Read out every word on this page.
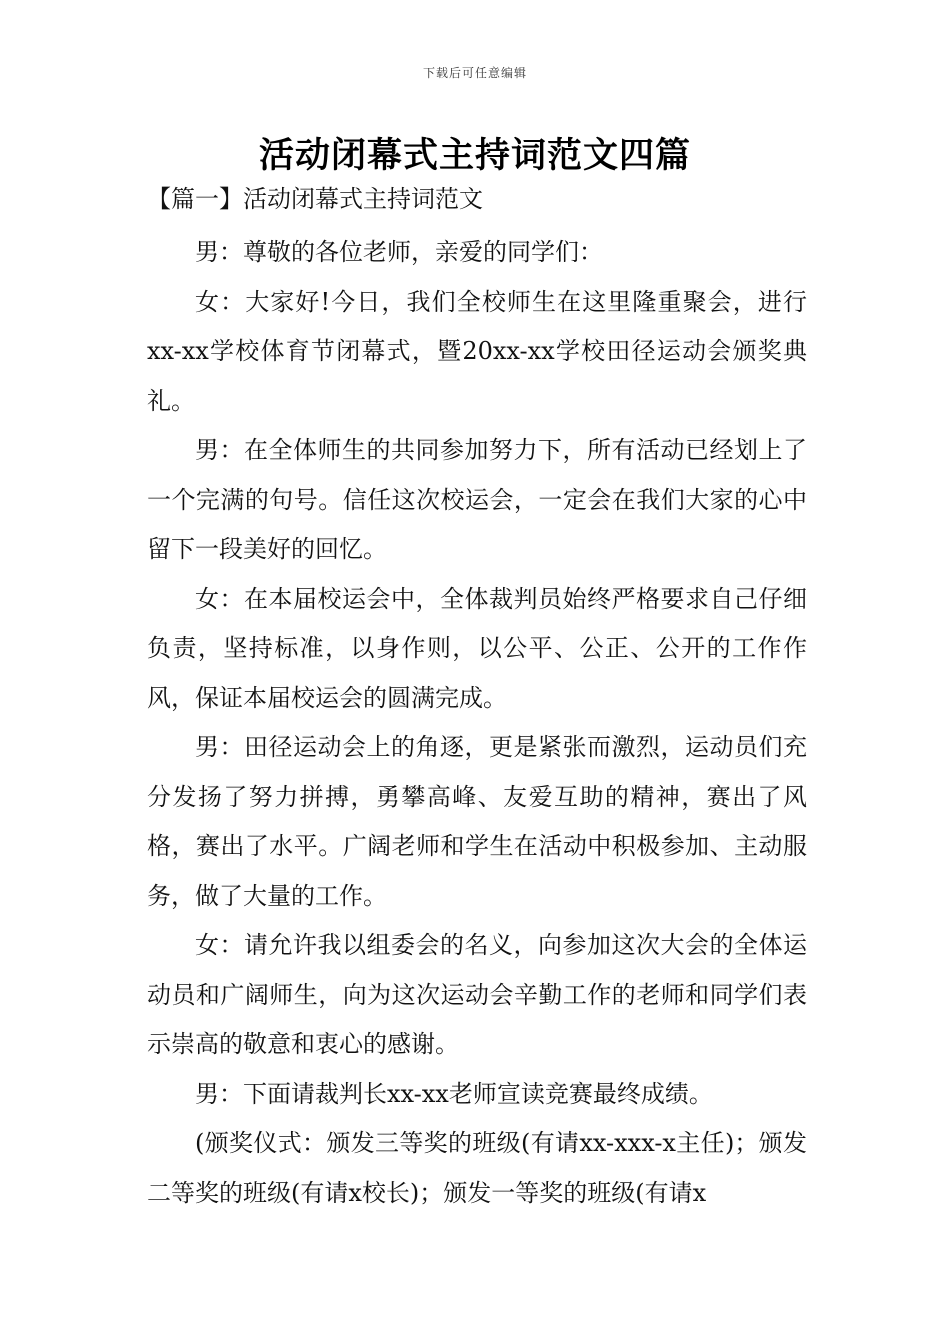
下载后可任意编辑
活动闭幕式主持词范文四篇
【篇一】活动闭幕式主持词范文

男：尊敬的各位老师，亲爱的同学们：

女：大家好!今日，我们全校师生在这里隆重聚会，进行xx-xx学校体育节闭幕式，暨20xx-xx学校田径运动会颁奖典礼。

男：在全体师生的共同参加努力下，所有活动已经划上了一个完满的句号。信任这次校运会，一定会在我们大家的心中留下一段美好的回忆。

女：在本届校运会中，全体裁判员始终严格要求自己仔细负责，坚持标准，以身作则，以公平、公正、公开的工作作风，保证本届校运会的圆满完成。

男：田径运动会上的角逐，更是紧张而激烈，运动员们充分发扬了努力拼搏，勇攀高峰、友爱互助的精神，赛出了风格，赛出了水平。广阔老师和学生在活动中积极参加、主动服务，做了大量的工作。

女：请允许我以组委会的名义，向参加这次大会的全体运动员和广阔师生，向为这次运动会辛勤工作的老师和同学们表示崇高的敬意和衷心的感谢。

男：下面请裁判长xx-xx老师宣读竞赛最终成绩。

(颁奖仪式：颁发三等奖的班级(有请xx-xxx-x主任)；颁发二等奖的班级(有请x校长)；颁发一等奖的班级(有请x
